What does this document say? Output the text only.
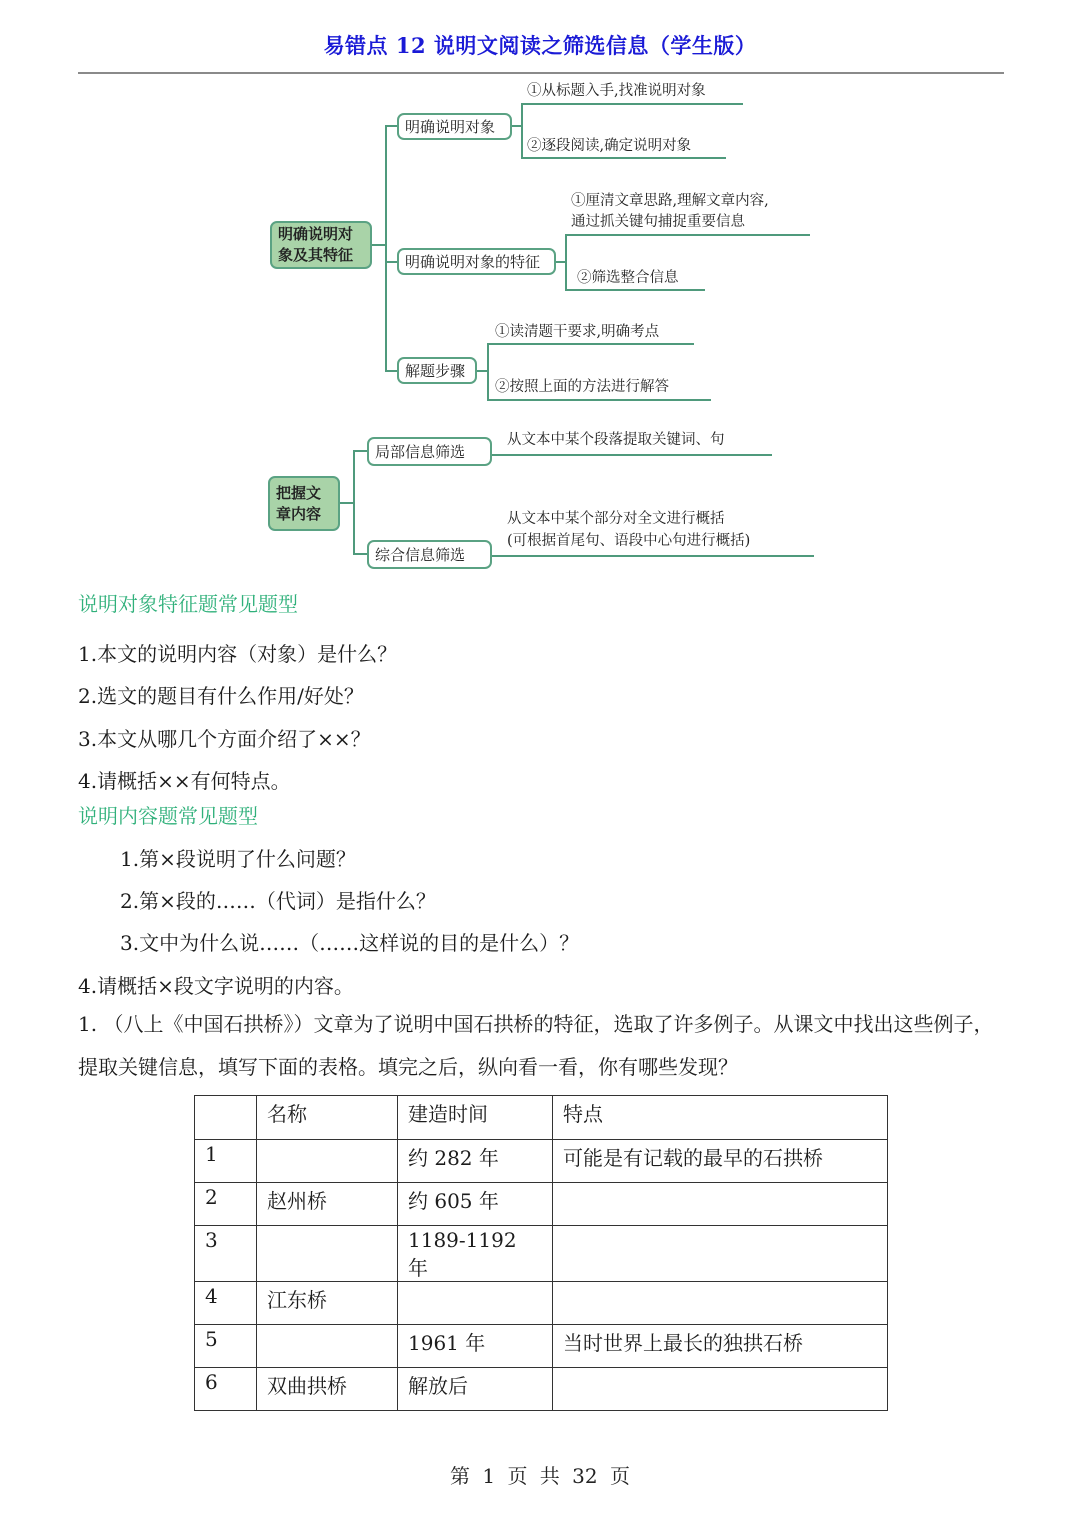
易错点 12 说明文阅读之筛选信息（学生版）
明确说明对象及其特征
明确说明对象
①从标题入手,找准说明对象
②逐段阅读,确定说明对象
明确说明对象的特征
①厘清文章思路,理解文章内容,
通过抓关键句捕捉重要信息
②筛选整合信息
解题步骤
①读清题干要求,明确考点
②按照上面的方法进行解答
把握文章内容
局部信息筛选
从文本中某个段落提取关键词、句
综合信息筛选
从文本中某个部分对全文进行概括
(可根据首尾句、语段中心句进行概括)
说明对象特征题常见题型
1.本文的说明内容（对象）是什么？
2.选文的题目有什么作用/好处？
3.本文从哪几个方面介绍了××？
4.请概括××有何特点。
说明内容题常见题型
1.第×段说明了什么问题？
2.第×段的……（代词）是指什么？
3.文中为什么说……（……这样说的目的是什么）？
4.请概括×段文字说明的内容。
1. （八上《中国石拱桥》）文章为了说明中国石拱桥的特征，选取了许多例子。从课文中找出这些例子，提取关键信息，填写下面的表格。填完之后，纵向看一看，你有哪些发现？
	名称	建造时间	特点
1		约 282 年	可能是有记载的最早的石拱桥
2	赵州桥	约 605 年	
3		1189-1192 年	
4	江东桥		
5		1961 年	当时世界上最长的独拱石桥
6	双曲拱桥	解放后	
第 1 页 共 32 页
